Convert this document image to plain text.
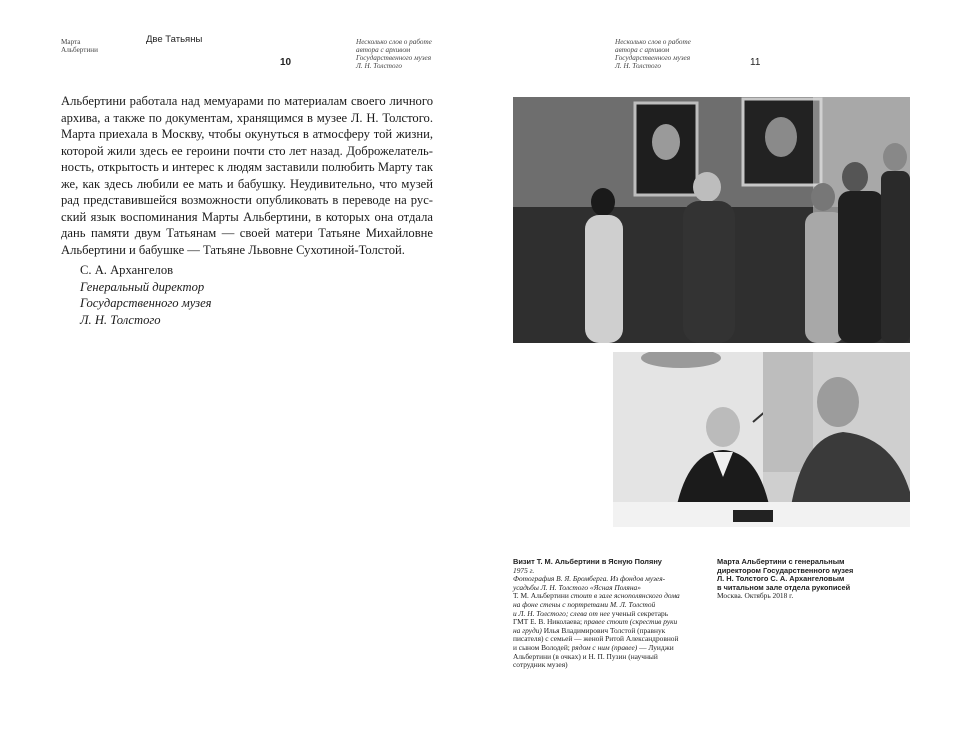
Марта
Альбертини
Две Татьяны	Несколько слов о работе
автора с архивом
Государственного музея
Л. Н. Толстого
10
Альбертини работала над мемуарами по материалам своего личного
архива, а также по документам, хранящимся в музее Л. Н. Толстого.
Марта приехала в Москву, чтобы окунуться в атмосферу той жизни,
которой жили здесь ее героини почти сто лет назад. Доброжелатель-
ность, открытость и интерес к людям заставили полюбить Марту так
же, как здесь любили ее мать и бабушку. Неудивительно, что музей
рад представившейся возможности опубликовать в переводе на рус-
ский язык воспоминания Марты Альбертини, в которых она отдала
дань памяти двум Татьянам — своей матери Татьяне Михайловне
Альбертини и бабушке — Татьяне Львовне Сухотиной-Толстой.
С. А. Архангелов
Генеральный директор
Государственного музея
Л. Н. Толстого
Несколько слов о работе
автора с архивом
Государственного музея
Л. Н. Толстого	11
Визит Т. М. Альбертини в Ясную Поляну
1975 г.
Фотография В. Я. Бромберга. Из фондов музея-
усадьбы Л. Н. Толстого «Ясная Поляна»
Т. М. Альбертини стоит в зале яснополянского дома
на фоне стены с портретами М. Л. Толстой
и Л. Н. Толстого; слева от нее ученый секретарь
ГМТ Е. В. Николаева; правее стоит (скрестив руки
на груди) Илья Владимирович Толстой (правнук
писателя) с семьей — женой Ритой Александровной
и сыном Володей; рядом с ним (правее) — Луиджи
Альбертини (в очках) и Н. П. Пузин (научный
сотрудник музея)
Марта Альбертини с генеральным
директором Государственного музея
Л. Н. Толстого С. А. Архангеловым
в читальном зале отдела рукописей
Москва. Октябрь 2018 г.
